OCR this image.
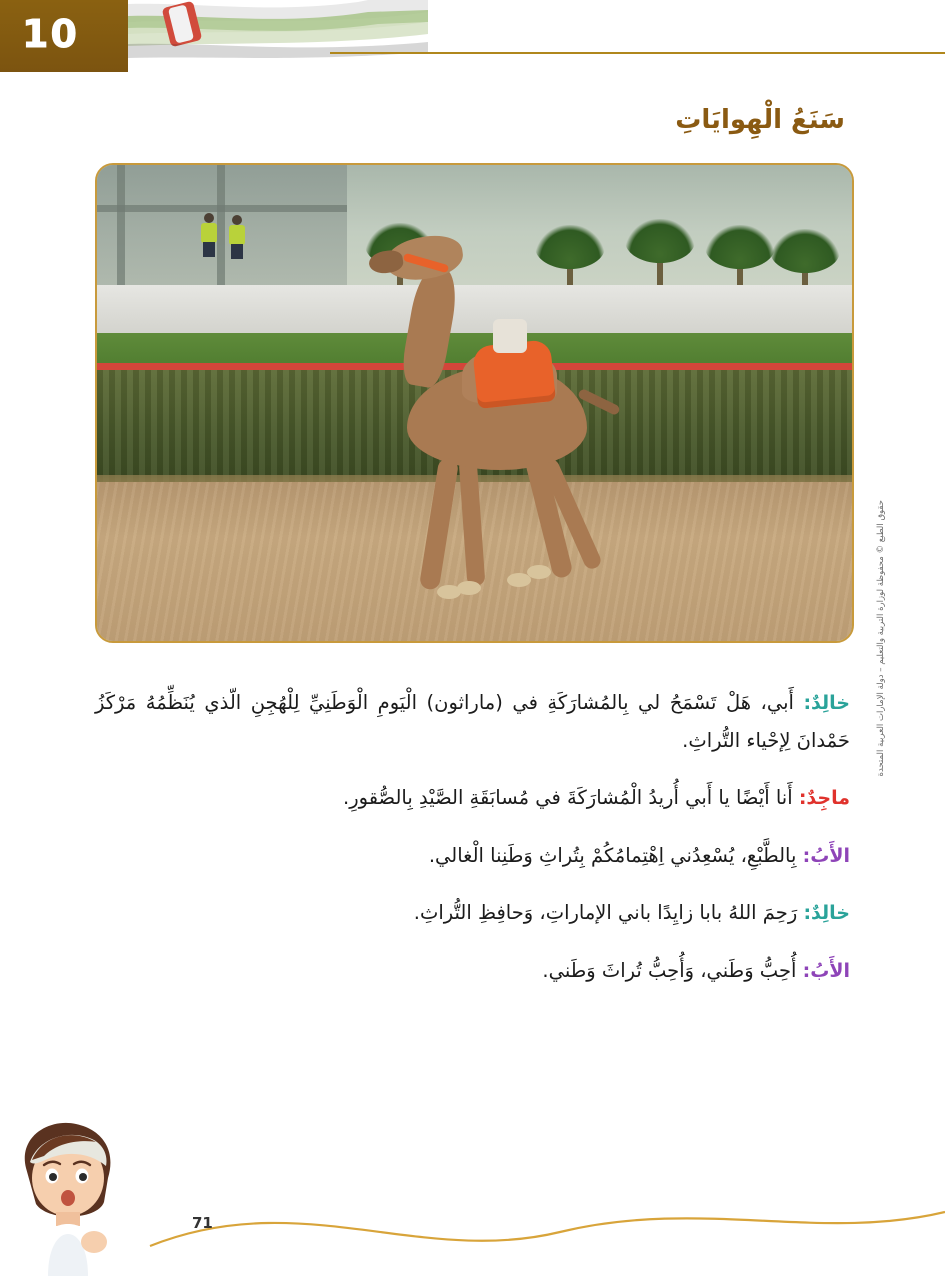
10
سَنَعُ الْهِوايَاتِ

خالِدٌ: أَبي، هَلْ تَسْمَحُ لي بِالمُشارَكَةِ في (ماراثون) الْيَومِ الْوَطَنِيِّ لِلْهُجِنِ الّذي يُنَظِّمُهُ مَرْكَزُ حَمْدانَ لِإحْياء التُّراثِ.

ماجِدٌ: أَنا أَيْضًا يا أَبي أُريدُ الْمُشارَكَةَ في مُسابَقَةِ الصَّيْدِ بِالصُّقورِ.

الأَبُ: بِالطَّبْعِ، يُسْعِدُني اِهْتِمامُكُمْ بِتُراثِ وَطَنِنا الْغالي.

خالِدٌ: رَحِمَ اللهُ بابا زايِدًا باني الإماراتِ، وَحافِظِ التُّراثِ.

الأَبُ: أُحِبُّ وَطَني، وَأُحِبُّ تُراثَ وَطَني.

حقوق الطبع © محفوظة لوزارة التربية والتعليم – دولة الإمارات العربية المتحدة
71
